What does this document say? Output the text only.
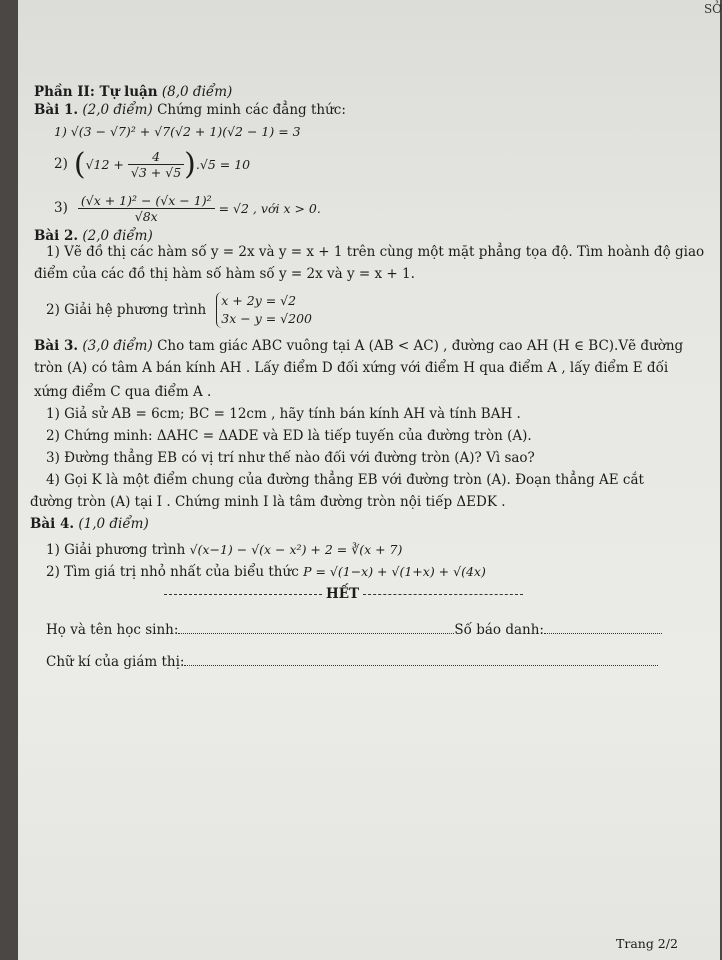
SỞ
Phần II: Tự luận (8,0 điểm)
Bài 1. (2,0 điểm) Chứng minh các đẳng thức:
1) √(3 − √7)² + √7(√2 + 1)(√2 − 1) = 3
2) ( $√12 + \frac{4}{√3 + √5}$ ) .√5 = 10
$3) \frac{\text{(√x + 1)² − (√x − 1)²}}{√8x} = √2$ , với x > 0.
Bài 2. (2,0 điểm)
1) Vẽ đồ thị các hàm số y = 2x và y = x + 1 trên cùng một mặt phẳng tọa độ. Tìm hoành độ giao
điểm của các đồ thị hàm số hàm số y = 2x và y = x + 1.
2) Giải hệ phương trình
x + 2y = √2
3x − y = √200
Bài 3. (3,0 điểm) Cho tam giác ABC vuông tại A (AB < AC) , đường cao AH (H ∈ BC).Vẽ đường
tròn (A) có tâm A bán kính AH . Lấy điểm D đối xứng với điểm H qua điểm A , lấy điểm E đối
xứng điểm C qua điểm A .
1) Giả sử AB = 6cm; BC = 12cm , hãy tính bán kính AH và tính BAH .
2) Chứng minh: ΔAHC = ΔADE và ED là tiếp tuyến của đường tròn (A).
3) Đường thẳng EB có vị trí như thế nào đối với đường tròn (A)? Vì sao?
4) Gọi K là một điểm chung của đường thẳng EB với đường tròn (A). Đoạn thẳng AE cắt
đường tròn (A) tại I . Chứng minh I là tâm đường tròn nội tiếp ΔEDK .
Bài 4. (1,0 điểm)
1) Giải phương trình √(x−1) − √(x − x²) + 2 = ∛(x + 7)
2) Tìm giá trị nhỏ nhất của biểu thức P = √(1−x) + √(1+x) + √(4x)
HẾT
Họ và tên học sinh:	Số báo danh:
Chữ kí của giám thị:
Trang 2/2
